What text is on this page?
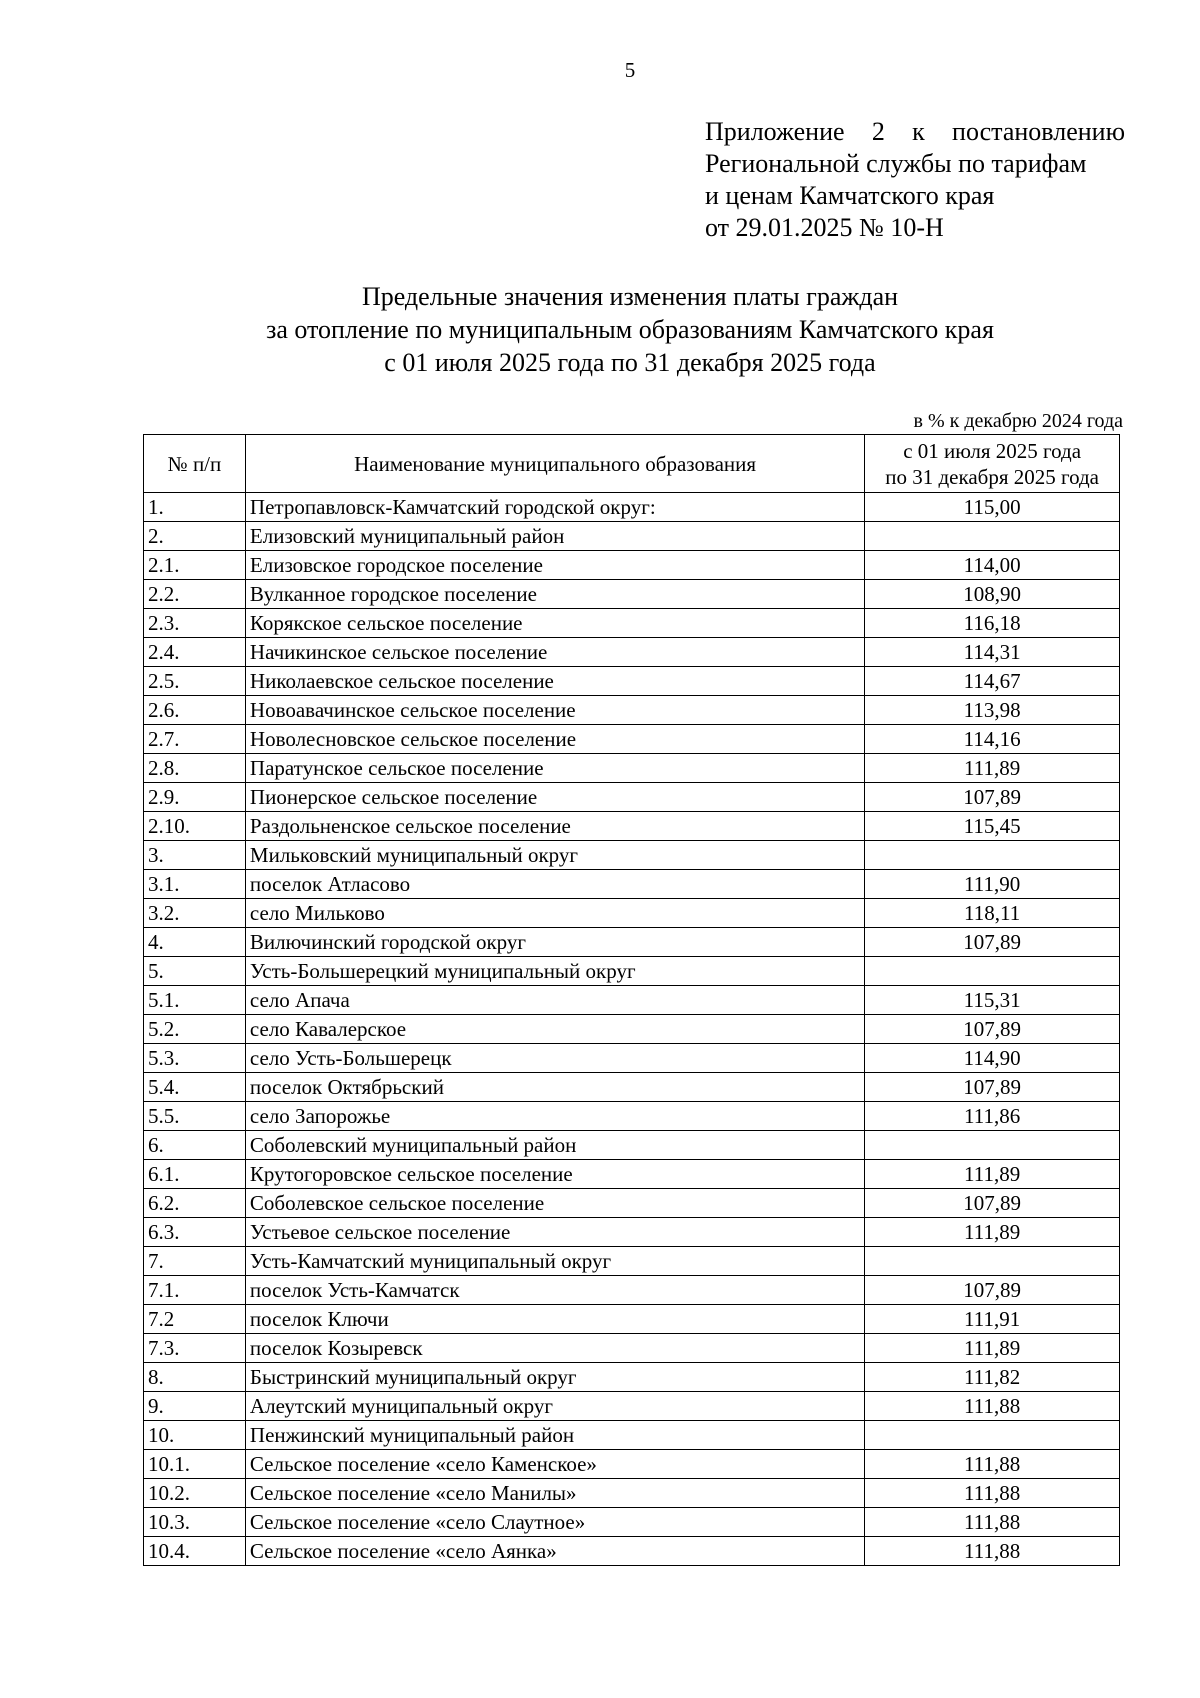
5
Приложение 2 к постановлению
Региональной службы по тарифам
и ценам Камчатского края
от 29.01.2025 № 10-Н
Предельные значения изменения платы граждан
за отопление по муниципальным образованиям Камчатского края
с 01 июля 2025 года по 31 декабря 2025 года
в % к декабрю 2024 года
№ п/п	Наименование муниципального образования	с 01 июля 2025 года
по 31 декабря 2025 года

1.	Петропавловск-Камчатский городской округ:	115,00
2.	Елизовский муниципальный район	
2.1.	Елизовское городское поселение	114,00
2.2.	Вулканное городское поселение	108,90
2.3.	Корякское сельское поселение	116,18
2.4.	Начикинское сельское поселение	114,31
2.5.	Николаевское сельское поселение	114,67
2.6.	Новоавачинское сельское поселение	113,98
2.7.	Новолесновское сельское поселение	114,16
2.8.	Паратунское сельское поселение	111,89
2.9.	Пионерское сельское поселение	107,89
2.10.	Раздольненское сельское поселение	115,45
3.	Мильковский муниципальный округ	
3.1.	поселок Атласово	111,90
3.2.	село Мильково	118,11
4.	Вилючинский городской округ	107,89
5.	Усть-Большерецкий муниципальный округ	
5.1.	село Апача	115,31
5.2.	село Кавалерское	107,89
5.3.	село Усть-Большерецк	114,90
5.4.	поселок Октябрьский	107,89
5.5.	село Запорожье	111,86
6.	Соболевский муниципальный район	
6.1.	Крутогоровское сельское поселение	111,89
6.2.	Соболевское сельское поселение	107,89
6.3.	Устьевое сельское поселение	111,89
7.	Усть-Камчатский муниципальный округ	
7.1.	поселок Усть-Камчатск	107,89
7.2	поселок Ключи	111,91
7.3.	поселок Козыревск	111,89
8.	Быстринский муниципальный округ	111,82
9.	Алеутский муниципальный округ	111,88
10.	Пенжинский муниципальный район	
10.1.	Сельское поселение «село Каменское»	111,88
10.2.	Сельское поселение «село Манилы»	111,88
10.3.	Сельское поселение «село Слаутное»	111,88
10.4.	Сельское поселение «село Аянка»	111,88
